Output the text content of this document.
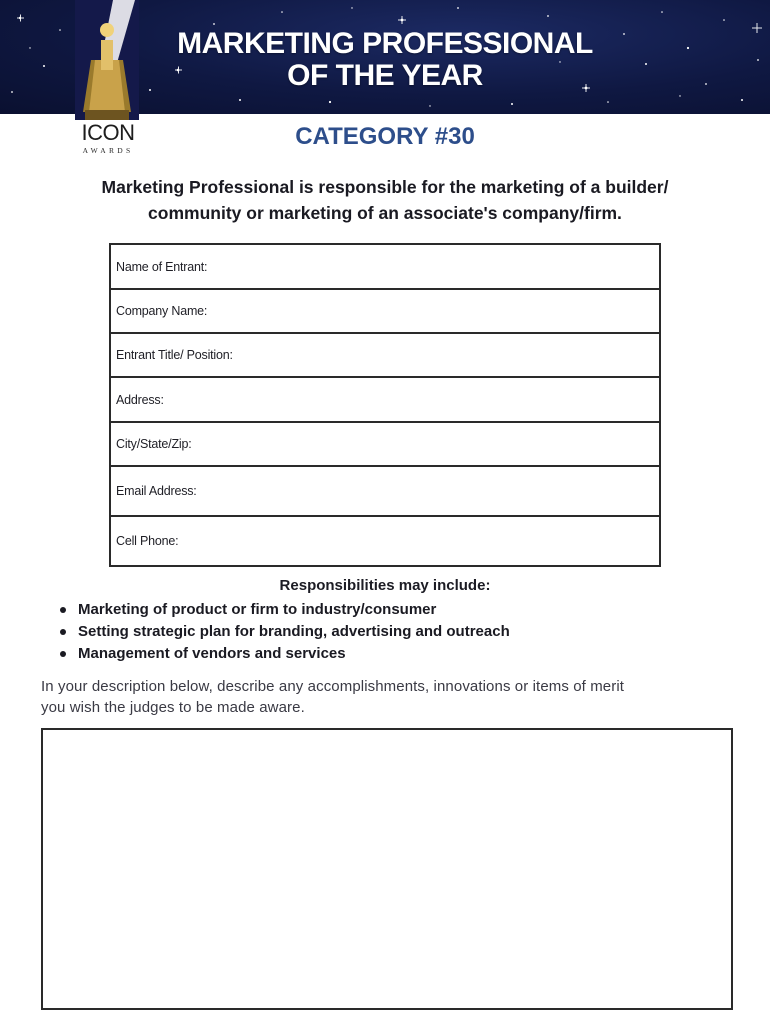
MARKETING PROFESSIONAL
OF THE YEAR
ICON
AWARDS
CATEGORY #30
Marketing Professional is responsible for the marketing of a builder/
community or marketing of an associate's company/firm.
Name of Entrant:
Company Name:
Entrant Title/ Position:
Address:
City/State/Zip:
Email Address:
Cell Phone:
Responsibilities may include:
Marketing of product or firm to industry/consumer
Setting strategic plan for branding, advertising and outreach
Management of vendors and services
In your description below, describe any accomplishments, innovations or items of merit
you wish the judges to be made aware.
